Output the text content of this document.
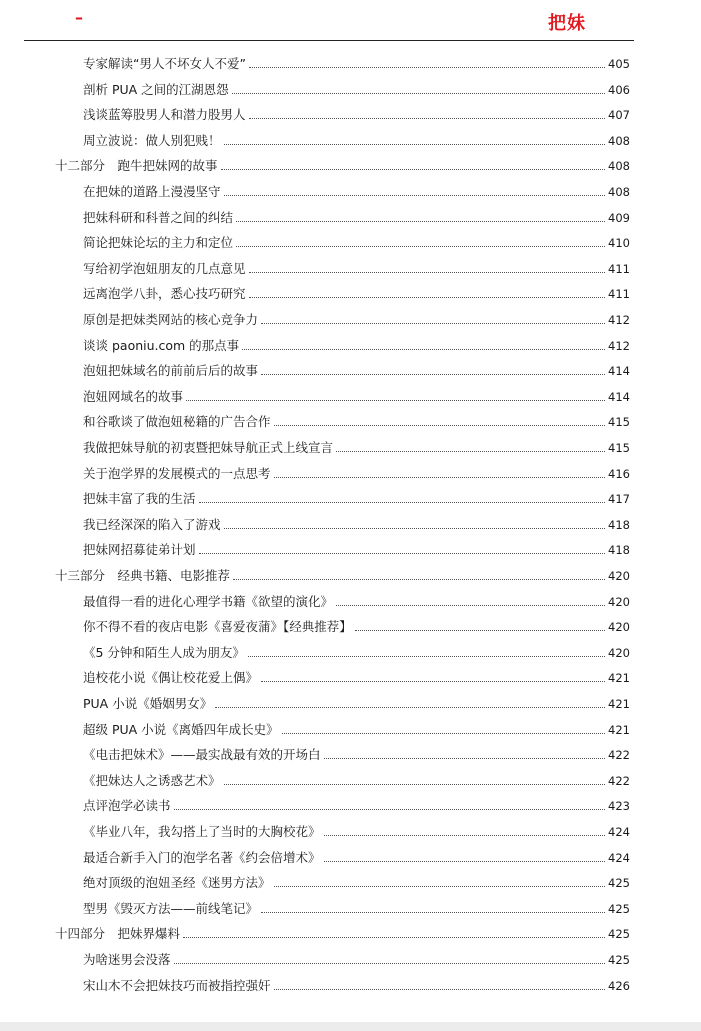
–	把妹
专家解读“男人不坏女人不爱”	405
剖析 PUA 之间的江湖恩怨	406
浅谈蓝筹股男人和潜力股男人	407
周立波说：做人别犯贱！	408
十二部分　跑牛把妹网的故事	408
在把妹的道路上漫漫坚守	408
把妹科研和科普之间的纠结	409
简论把妹论坛的主力和定位	410
写给初学泡妞朋友的几点意见	411
远离泡学八卦，悉心技巧研究	411
原创是把妹类网站的核心竞争力	412
谈谈 paoniu.com 的那点事	412
泡妞把妹域名的前前后后的故事	414
泡妞网域名的故事	414
和谷歌谈了做泡妞秘籍的广告合作	415
我做把妹导航的初衷暨把妹导航正式上线宣言	415
关于泡学界的发展模式的一点思考	416
把妹丰富了我的生活	417
我已经深深的陷入了游戏	418
把妹网招募徒弟计划	418
十三部分　经典书籍、电影推荐	420
最值得一看的进化心理学书籍《欲望的演化》	420
你不得不看的夜店电影《喜爱夜蒲》【经典推荐】	420
《5 分钟和陌生人成为朋友》	420
追校花小说《偶让校花爱上偶》	421
PUA 小说《婚姻男女》	421
超级 PUA 小说《离婚四年成长史》	421
《电击把妹术》——最实战最有效的开场白	422
《把妹达人之诱惑艺术》	422
点评泡学必读书	423
《毕业八年，我勾搭上了当时的大胸校花》	424
最适合新手入门的泡学名著《约会倍增术》	424
绝对顶级的泡妞圣经《迷男方法》	425
型男《毁灭方法——前线笔记》	425
十四部分　把妹界爆料	425
为啥迷男会没落	425
宋山木不会把妹技巧而被指控强奸	426
